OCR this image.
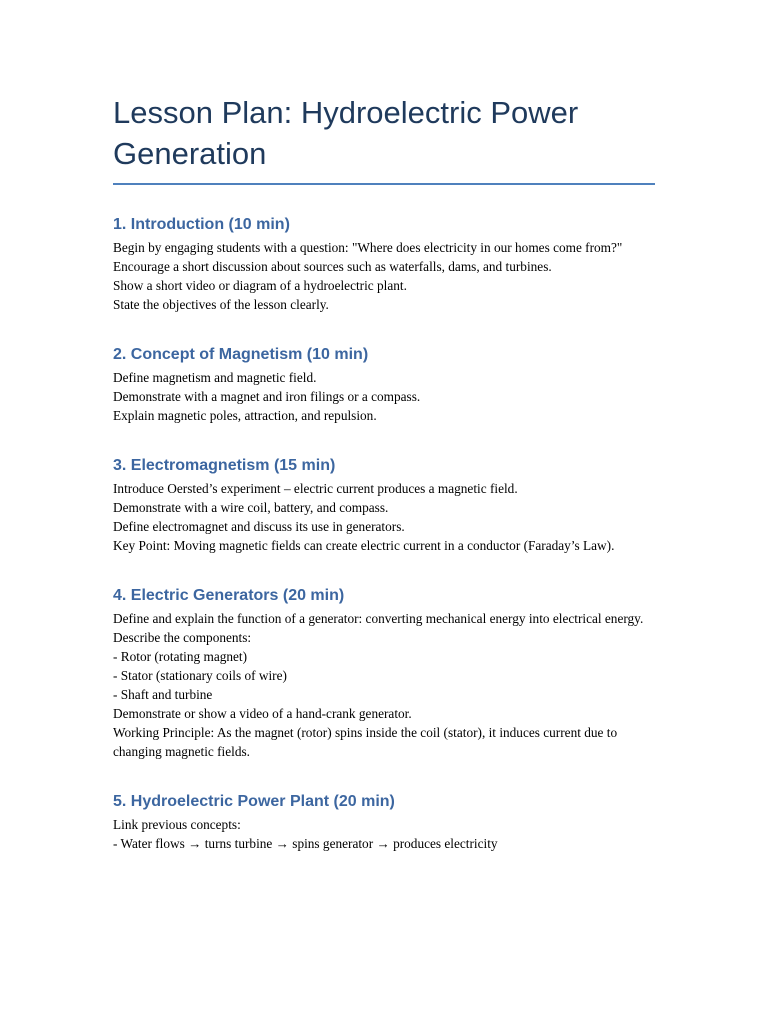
Lesson Plan: Hydroelectric Power Generation
1. Introduction (10 min)

Begin by engaging students with a question: "Where does electricity in our homes come from?"

Encourage a short discussion about sources such as waterfalls, dams, and turbines.

Show a short video or diagram of a hydroelectric plant.

State the objectives of the lesson clearly.

2. Concept of Magnetism (10 min)

Define magnetism and magnetic field.

Demonstrate with a magnet and iron filings or a compass.

Explain magnetic poles, attraction, and repulsion.

3. Electromagnetism (15 min)

Introduce Oersted’s experiment – electric current produces a magnetic field.

Demonstrate with a wire coil, battery, and compass.

Define electromagnet and discuss its use in generators.

Key Point: Moving magnetic fields can create electric current in a conductor (Faraday’s Law).

4. Electric Generators (20 min)

Define and explain the function of a generator: converting mechanical energy into electrical energy.

Describe the components:

- Rotor (rotating magnet)

- Stator (stationary coils of wire)

- Shaft and turbine

Demonstrate or show a video of a hand-crank generator.

Working Principle: As the magnet (rotor) spins inside the coil (stator), it induces current due to changing magnetic fields.

5. Hydroelectric Power Plant (20 min)

Link previous concepts:

- Water flows → turns turbine → spins generator → produces electricity
